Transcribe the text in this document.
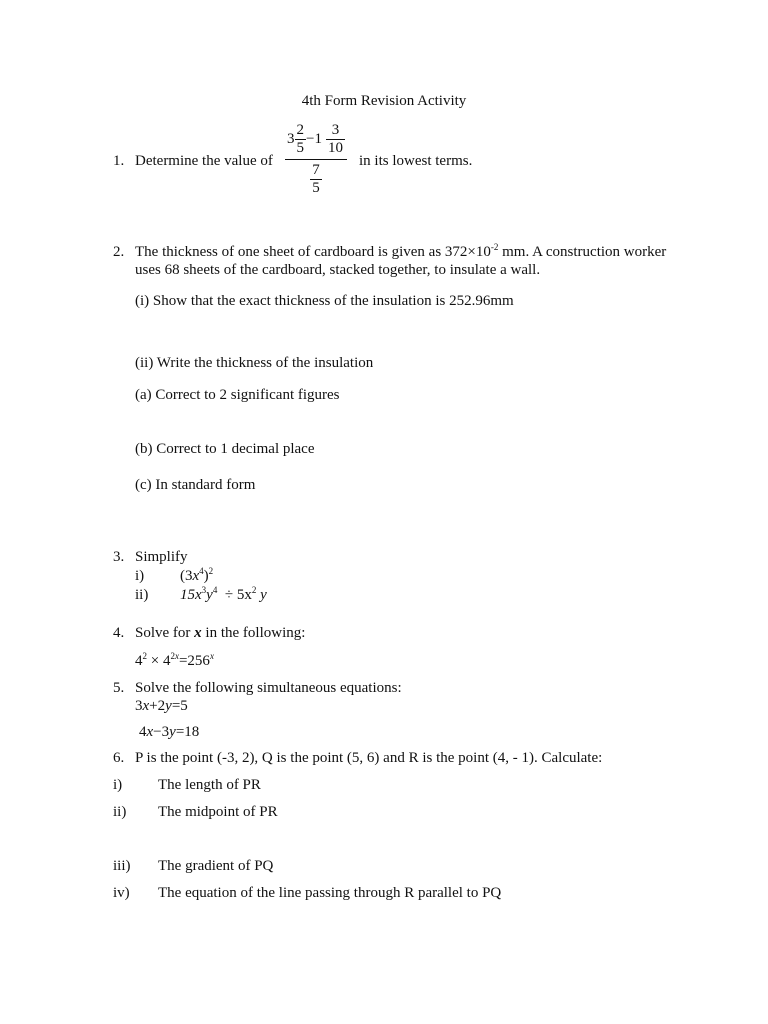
4th Form Revision Activity
1. Determine the value of $\frac{3 \frac{2}{5} -1 \frac{3}{10}}{\frac{7}{5}}$ in its lowest terms.
2. The thickness of one sheet of cardboard is given as $372\times 10^{-2}$ mm. A construction worker
uses 68 sheets of the cardboard, stacked together, to insulate a wall.
(i) Show that the exact thickness of the insulation is 252.96mm
(ii) Write the thickness of the insulation
(a) Correct to 2 significant figures
(b) Correct to 1 decimal place
(c) In standard form
3. Simplify
i) $(3x^4)^2$
ii) $15x^3y^4 \div 5x^2$ y
4. Solve for x in the following:
$4^2 \times 4^{2x}=256^x$
5. Solve the following simultaneous equations:
3x+2y=5
4x−3y=18
6. P is the point (-3, 2), Q is the point (5, 6) and R is the point (4, - 1). Calculate:
i) The length of PR
ii) The midpoint of PR
iii) The gradient of PQ
iv) The equation of the line passing through R parallel to PQ
